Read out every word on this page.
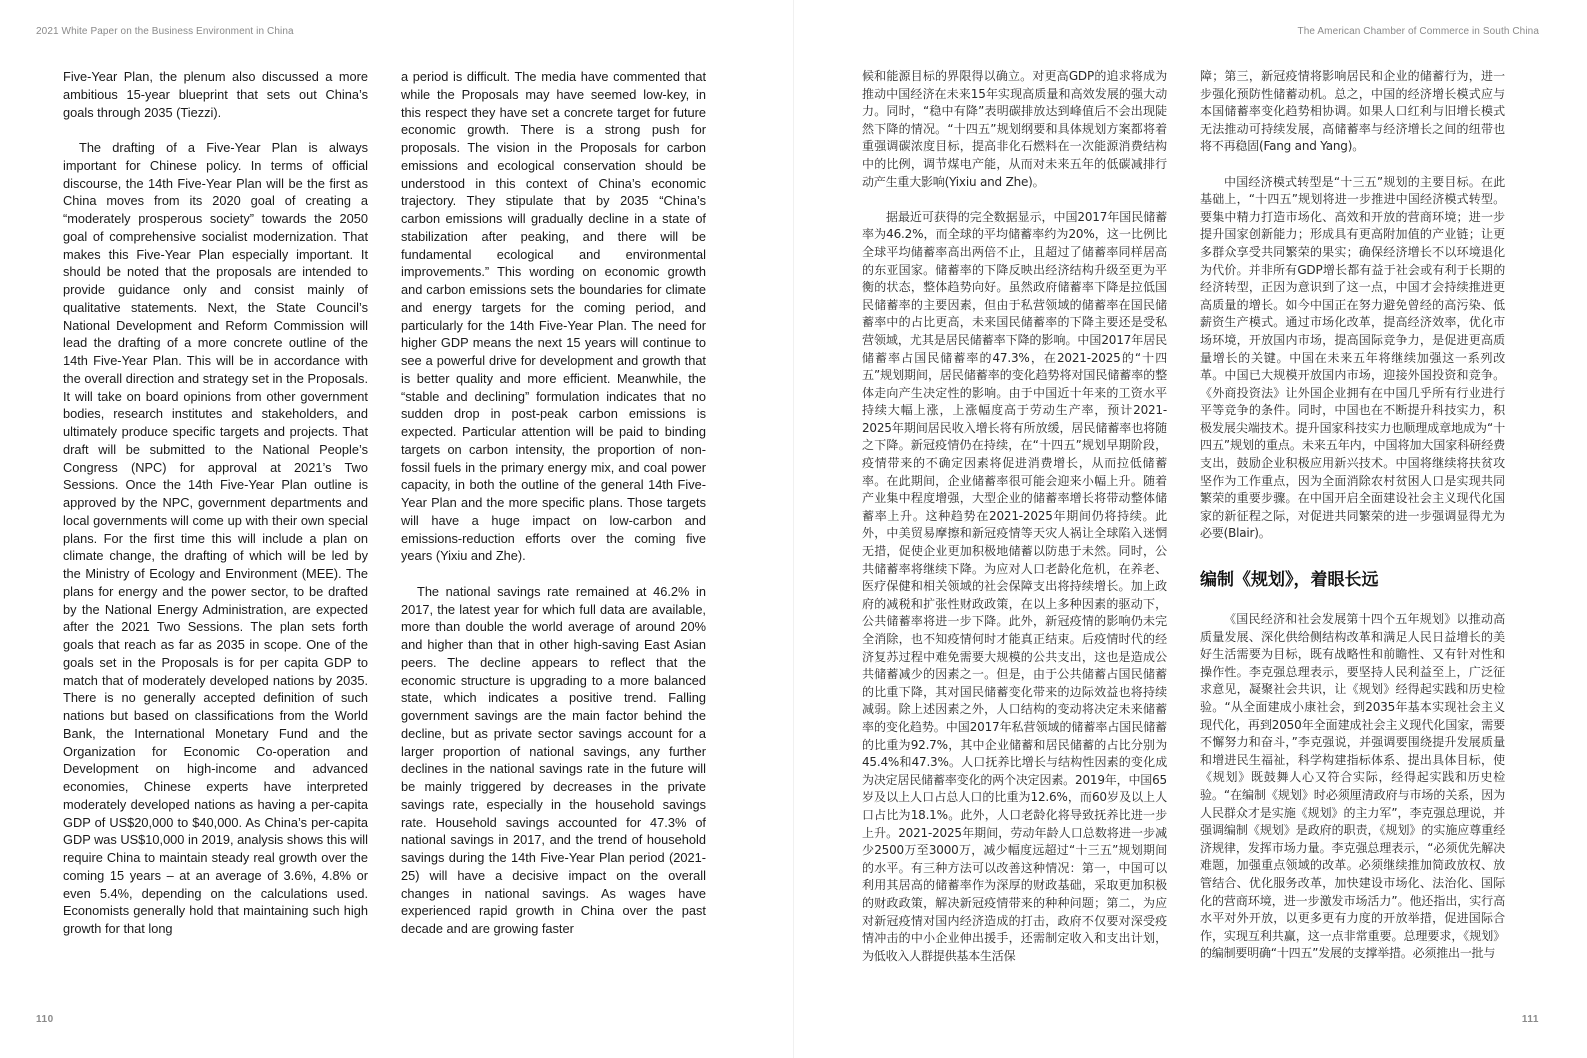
2021 White Paper on the Business Environment in China	The American Chamber of Commerce in South China

Five-Year Plan, the plenum also discussed a more ambitious 15-year blueprint that sets out China’s goals through 2035 (Tiezzi).

The drafting of a Five-Year Plan is always important for Chinese policy. In terms of official discourse, the 14th Five-Year Plan will be the first as China moves from its 2020 goal of creating a “moderately prosperous society” towards the 2050 goal of comprehensive socialist modernization. That makes this Five-Year Plan especially important. It should be noted that the proposals are intended to provide guidance only and consist mainly of qualitative statements. Next, the State Council’s National Development and Reform Commission will lead the drafting of a more concrete outline of the 14th Five-Year Plan. This will be in accordance with the overall direction and strategy set in the Proposals. It will take on board opinions from other government bodies, research institutes and stakeholders, and ultimately produce specific targets and projects. That draft will be submitted to the National People’s Congress (NPC) for approval at 2021’s Two Sessions. Once the 14th Five-Year Plan outline is approved by the NPC, government departments and local governments will come up with their own special plans. For the first time this will include a plan on climate change, the drafting of which will be led by the Ministry of Ecology and Environment (MEE). The plans for energy and the power sector, to be drafted by the National Energy Administration, are expected after the 2021 Two Sessions. The plan sets forth goals that reach as far as 2035 in scope. One of the goals set in the Proposals is for per capita GDP to match that of moderately developed nations by 2035. There is no generally accepted definition of such nations but based on classifications from the World Bank, the International Monetary Fund and the Organization for Economic Co-operation and Development on high-income and advanced economies, Chinese experts have interpreted moderately developed nations as having a per-capita GDP of US$20,000 to $40,000. As China’s per-capita GDP was US$10,000 in 2019, analysis shows this will require China to maintain steady real growth over the coming 15 years – at an average of 3.6%, 4.8% or even 5.4%, depending on the calculations used. Economists generally hold that maintaining such high growth for that long

a period is difficult. The media have commented that while the Proposals may have seemed low-key, in this respect they have set a concrete target for future economic growth. There is a strong push for proposals. The vision in the Proposals for carbon emissions and ecological conservation should be understood in this context of China’s economic trajectory. They stipulate that by 2035 “China’s carbon emissions will gradually decline in a state of stabilization after peaking, and there will be fundamental ecological and environmental improvements.” This wording on economic growth and carbon emissions sets the boundaries for climate and energy targets for the coming period, and particularly for the 14th Five-Year Plan. The need for higher GDP means the next 15 years will continue to see a powerful drive for development and growth that is better quality and more efficient. Meanwhile, the “stable and declining” formulation indicates that no sudden drop in post-peak carbon emissions is expected. Particular attention will be paid to binding targets on carbon intensity, the proportion of non-fossil fuels in the primary energy mix, and coal power capacity, in both the outline of the general 14th Five-Year Plan and the more specific plans. Those targets will have a huge impact on low-carbon and emissions-reduction efforts over the coming five years (Yixiu and Zhe).

The national savings rate remained at 46.2% in 2017, the latest year for which full data are available, more than double the world average of around 20% and higher than that in other high-saving East Asian peers. The decline appears to reflect that the economic structure is upgrading to a more balanced state, which indicates a positive trend. Falling government savings are the main factor behind the decline, but as private sector savings account for a larger proportion of national savings, any further declines in the national savings rate in the future will be mainly triggered by decreases in the private savings rate, especially in the household savings rate. Household savings accounted for 47.3% of national savings in 2017, and the trend of household savings during the 14th Five-Year Plan period (2021-25) will have a decisive impact on the overall changes in national savings. As wages have experienced rapid growth in China over the past decade and are growing faster

候和能源目标的界限得以确立。对更高GDP的追求将成为推动中国经济在未来15年实现高质量和高效发展的强大动力。同时，“稳中有降”表明碳排放达到峰值后不会出现陡然下降的情况。“十四五”规划纲要和具体规划方案都将着重强调碳浓度目标，提高非化石燃料在一次能源消费结构中的比例，调节煤电产能，从而对未来五年的低碳减排行动产生重大影响(Yixiu and Zhe)。

据最近可获得的完全数据显示，中国2017年国民储蓄率为46.2%，而全球的平均储蓄率约为20%，这一比例比全球平均储蓄率高出两倍不止，且超过了储蓄率同样居高的东亚国家。储蓄率的下降反映出经济结构升级至更为平衡的状态，整体趋势向好。虽然政府储蓄率下降是拉低国民储蓄率的主要因素，但由于私营领域的储蓄率在国民储蓄率中的占比更高，未来国民储蓄率的下降主要还是受私营领域，尤其是居民储蓄率下降的影响。中国2017年居民储蓄率占国民储蓄率的47.3%，在2021-2025的“十四五”规划期间，居民储蓄率的变化趋势将对国民储蓄率的整体走向产生决定性的影响。由于中国近十年来的工资水平持续大幅上涨，上涨幅度高于劳动生产率，预计2021-2025年期间居民收入增长将有所放缓，居民储蓄率也将随之下降。新冠疫情仍在持续，在“十四五”规划早期阶段，疫情带来的不确定因素将促进消费增长，从而拉低储蓄率。在此期间，企业储蓄率很可能会迎来小幅上升。随着产业集中程度增强，大型企业的储蓄率增长将带动整体储蓄率上升。这种趋势在2021-2025年期间仍将持续。此外，中美贸易摩擦和新冠疫情等天灾人祸让全球陷入迷惘无措，促使企业更加积极地储蓄以防患于未然。同时，公共储蓄率将继续下降。为应对人口老龄化危机，在养老、医疗保健和相关领域的社会保障支出将持续增长。加上政府的减税和扩张性财政政策，在以上多种因素的驱动下，公共储蓄率将进一步下降。此外，新冠疫情的影响仍未完全消除，也不知疫情何时才能真正结束。后疫情时代的经济复苏过程中难免需要大规模的公共支出，这也是造成公共储蓄减少的因素之一。但是，由于公共储蓄占国民储蓄的比重下降，其对国民储蓄变化带来的边际效益也将持续减弱。除上述因素之外，人口结构的变动将决定未来储蓄率的变化趋势。中国2017年私营领域的储蓄率占国民储蓄的比重为92.7%，其中企业储蓄和居民储蓄的占比分别为45.4%和47.3%。人口抚养比增长与结构性因素的变化成为决定居民储蓄率变化的两个决定因素。2019年，中国65岁及以上人口占总人口的比重为12.6%，而60岁及以上人口占比为18.1%。此外，人口老龄化将导致抚养比进一步上升。2021-2025年期间，劳动年龄人口总数将进一步减少2500万至3000万，减少幅度远超过“十三五”规划期间的水平。有三种方法可以改善这种情况：第一，中国可以利用其居高的储蓄率作为深厚的财政基础，采取更加积极的财政政策，解决新冠疫情带来的种种问题；第二，为应对新冠疫情对国内经济造成的打击，政府不仅要对深受疫情冲击的中小企业伸出援手，还需制定收入和支出计划，为低收入人群提供基本生活保

障；第三，新冠疫情将影响居民和企业的储蓄行为，进一步强化预防性储蓄动机。总之，中国的经济增长模式应与本国储蓄率变化趋势相协调。如果人口红利与旧增长模式无法推动可持续发展，高储蓄率与经济增长之间的纽带也将不再稳固(Fang and Yang)。

中国经济模式转型是“十三五”规划的主要目标。在此基础上，“十四五”规划将进一步推进中国经济模式转型。要集中精力打造市场化、高效和开放的营商环境；进一步提升国家创新能力；形成具有更高附加值的产业链；让更多群众享受共同繁荣的果实；确保经济增长不以环境退化为代价。并非所有GDP增长都有益于社会或有利于长期的经济转型，正因为意识到了这一点，中国才会持续推进更高质量的增长。如今中国正在努力避免曾经的高污染、低薪资生产模式。通过市场化改革，提高经济效率，优化市场环境，开放国内市场，提高国际竞争力，是促进更高质量增长的关键。中国在未来五年将继续加强这一系列改革。中国已大规模开放国内市场，迎接外国投资和竞争。《外商投资法》让外国企业拥有在中国几乎所有行业进行平等竞争的条件。同时，中国也在不断提升科技实力，积极发展尖端技术。提升国家科技实力也顺理成章地成为“十四五”规划的重点。未来五年内，中国将加大国家科研经费支出，鼓励企业积极应用新兴技术。中国将继续将扶贫攻坚作为工作重点，因为全面消除农村贫困人口是实现共同繁荣的重要步骤。在中国开启全面建设社会主义现代化国家的新征程之际，对促进共同繁荣的进一步强调显得尤为必要(Blair)。

编制《规划》，着眼长远

《国民经济和社会发展第十四个五年规划》以推动高质量发展、深化供给侧结构改革和满足人民日益增长的美好生活需要为目标，既有战略性和前瞻性、又有针对性和操作性。李克强总理表示，要坚持人民利益至上，广泛征求意见，凝聚社会共识，让《规划》经得起实践和历史检验。“从全面建成小康社会，到2035年基本实现社会主义现代化，再到2050年全面建成社会主义现代化国家，需要不懈努力和奋斗，”李克强说，并强调要围绕提升发展质量和增进民生福祉，科学构建指标体系、提出具体目标，使《规划》既鼓舞人心又符合实际，经得起实践和历史检验。“在编制《规划》时必须厘清政府与市场的关系，因为人民群众才是实施《规划》的主力军”，李克强总理说，并强调编制《规划》是政府的职责，《规划》的实施应尊重经济规律，发挥市场力量。李克强总理表示，“必须优先解决难题，加强重点领域的改革。必须继续推加简政放权、放管结合、优化服务改革，加快建设市场化、法治化、国际化的营商环境，进一步激发市场活力”。他还指出，实行高水平对外开放，以更多更有力度的开放举措，促进国际合作，实现互利共赢，这一点非常重要。总理要求，《规划》的编制要明确“十四五”发展的支撑举措。必须推出一批与

110	111
